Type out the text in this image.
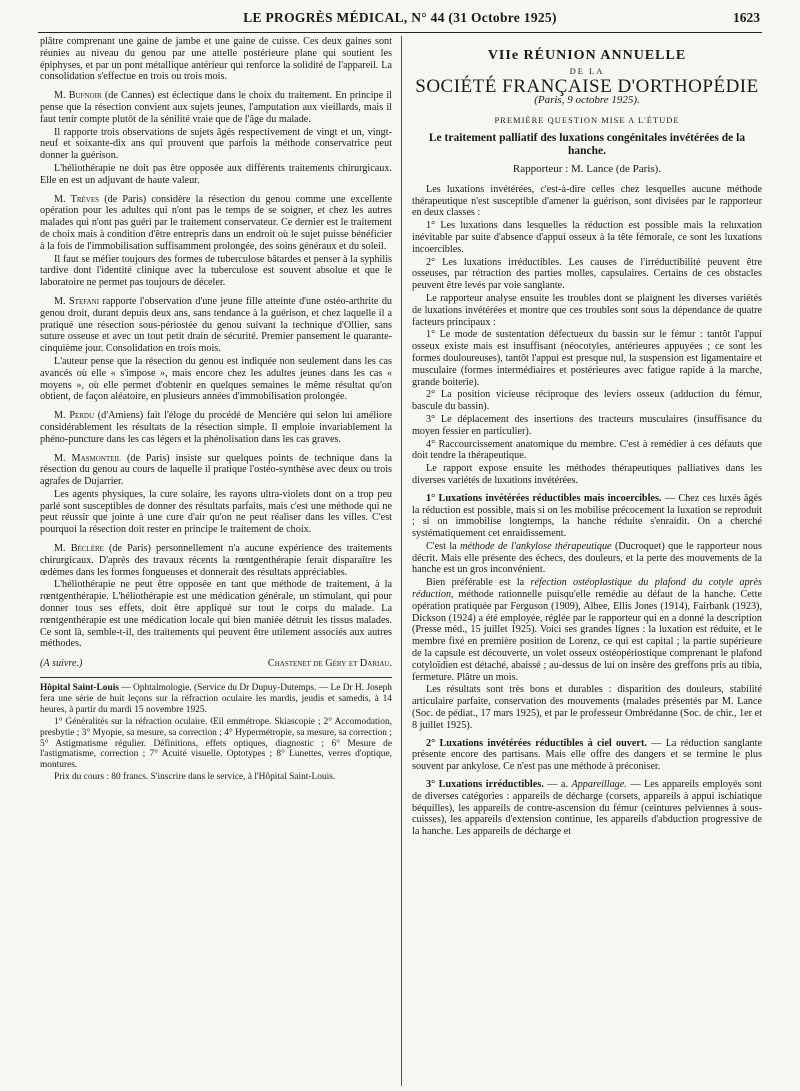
LE PROGRÈS MÉDICAL, N° 44 (31 Octobre 1925)	1623

plâtre comprenant une gaine de jambe et une gaine de cuisse. Ces deux gaines sont réunies au niveau du genou par une attelle postérieure plane qui soutient les épiphyses, et par un pont métallique antérieur qui renforce la solidité de l'appareil. La consolidation s'effectue en trois ou trois mois.

M. Bufnoir (de Cannes) est éclectique dans le choix du traitement. En principe il pense que la résection convient aux sujets jeunes, l'amputation aux vieillards, mais il faut tenir compte plutôt de la sénilité vraie que de l'âge du malade.

Il rapporte trois observations de sujets âgés respectivement de vingt et un, vingt-neuf et soixante-dix ans qui prouvent que parfois la méthode conservatrice peut donner la guérison.

L'héliothérapie ne doit pas être opposée aux différents traitements chirurgicaux. Elle en est un adjuvant de haute valeur.

M. Trèves (de Paris) considère la résection du genou comme une excellente opération pour les adultes qui n'ont pas le temps de se soigner, et chez les autres malades qui n'ont pas guéri par le traitement conservateur. Ce dernier est le traitement de choix mais à condition d'être entrepris dans un endroit où le sujet puisse bénéficier à la fois de l'immobilisation suffisamment prolongée, des soins généraux et du soleil.

Il faut se méfier toujours des formes de tuberculose bâtardes et penser à la syphilis tardive dont l'identité clinique avec la tuberculose est souvent absolue et que le laboratoire ne permet pas toujours de déceler.

M. Stefani rapporte l'observation d'une jeune fille atteinte d'une ostéo-arthrite du genou droit, durant depuis deux ans, sans tendance à la guérison, et chez laquelle il a pratiqué une résection sous-périostée du genou suivant la technique d'Ollier, sans suture osseuse et avec un tout petit drain de sécurité. Premier pansement le quarante-cinquième jour. Consolidation en trois mois.

L'auteur pense que la résection du genou est indiquée non seulement dans les cas avancés où elle « s'impose », mais encore chez les adultes jeunes dans les cas « moyens », où elle permet d'obtenir en quelques semaines le même résultat qu'on obtient, de façon aléatoire, en plusieurs années d'immobilisation prolongée.

M. Perdu (d'Amiens) fait l'éloge du procédé de Mencière qui selon lui améliore considérablement les résultats de la résection simple. Il emploie invariablement la phéno-puncture dans les cas légers et la phénolisation dans les cas graves.

M. Masmonteil (de Paris) insiste sur quelques points de technique dans la résection du genou au cours de laquelle il pratique l'ostéo-synthèse avec deux ou trois agrafes de Dujarrier.

Les agents physiques, la cure solaire, les rayons ultra-violets dont on a trop peu parlé sont susceptibles de donner des résultats parfaits, mais c'est une méthode qui ne peut réussir que jointe à une cure d'air qu'on ne peut réaliser dans les villes. C'est pourquoi la résection doit rester en principe le traitement de choix.

M. Béclère (de Paris) personnellement n'a aucune expérience des traitements chirurgicaux. D'après des travaux récents la rœntgenthérapie ferait disparaître les œdèmes dans les formes fongueuses et donnerait des résultats appréciables.

L'héliothérapie ne peut être opposée en tant que méthode de traitement, à la rœntgenthérapie. L'héliothérapie est une médication générale, un stimulant, qui pour donner tous ses effets, doit être appliqué sur tout le corps du malade. La rœntgenthérapie est une médication locale qui bien maniée détruit les tissus malades. Ce sont là, semble-t-il, des traitements qui peuvent être utilement associés aux autres méthodes.

(A suivre.)	Chastenet de Géry et Dariau.

Hôpital Saint-Louis — Ophtalmologie. (Service du Dr Dupuy-Dutemps. — Le Dr H. Joseph fera une série de huit leçons sur la réfraction oculaire les mardis, jeudis et samedis, à 14 heures, à partir du mardi 15 novembre 1925.

1° Généralités sur la réfraction oculaire. Œil emmétrope. Skiascopie ; 2° Accomodation, presbytie ; 3° Myopie, sa mesure, sa correction ; 4° Hypermétropie, sa mesure, sa correction ; 5° Astigmatisme régulier. Définitions, effets optiques, diagnostic ; 6° Mesure de l'astigmatisme, correction ; 7° Acuité visuelle. Optotypes ; 8° Lunettes, verres d'optique, montures.

Prix du cours : 80 francs. S'inscrire dans le service, à l'Hôpital Saint-Louis.

VIIe RÉUNION ANNUELLE
DE LA
SOCIÉTÉ FRANÇAISE D'ORTHOPÉDIE
(Paris, 9 octobre 1925).
PREMIÈRE QUESTION MISE A L'ÉTUDE
Le traitement palliatif des luxations congénitales invétérées de la hanche.
Rapporteur : M. Lance (de Paris).

Les luxations invétérées, c'est-à-dire celles chez lesquelles aucune méthode thérapeutique n'est susceptible d'amener la guérison, sont divisées par le rapporteur en deux classes :

1° Les luxations dans lesquelles la réduction est possible mais la reluxation inévitable par suite d'absence d'appui osseux à la tête fémorale, ce sont les luxations incoercibles.

2° Les luxations irréductibles. Les causes de l'irréductibilité peuvent être osseuses, par rétraction des parties molles, capsulaires. Certains de ces obstacles peuvent être levés par voie sanglante.

Le rapporteur analyse ensuite les troubles dont se plaignent les diverses variétés de luxations invétérées et montre que ces troubles sont sous la dépendance de quatre facteurs principaux :

1° Le mode de sustentation défectueux du bassin sur le fémur : tantôt l'appui osseux existe mais est insuffisant (néocotyles, antérieures appuyées ; ce sont les formes douloureuses), tantôt l'appui est presque nul, la suspension est ligamentaire et musculaire (formes intermédiaires et postérieures avec fatigue rapide à la marche, grande boiterie).

2° La position vicieuse réciproque des leviers osseux (adduction du fémur, bascule du bassin).

3° Le déplacement des insertions des tracteurs musculaires (insuffisance du moyen fessier en particulier).

4° Raccourcissement anatomique du membre. C'est à remédier à ces défauts que doit tendre la thérapeutique.

Le rapport expose ensuite les méthodes thérapeutiques palliatives dans les diverses variétés de luxations invétérées.

1° Luxations invétérées réductibles mais incoercibles. — Chez ces luxés âgés la réduction est possible, mais si on les mobilise précocement la luxation se reproduit ; si on immobilise longtemps, la hanche réduite s'enraidit. On a cherché systématiquement cet enraidissement.

C'est la méthode de l'ankylose thérapeutique (Ducroquet) que le rapporteur nous décrit. Mais elle présente des échecs, des douleurs, et la perte des mouvements de la hanche est un gros inconvénient.

Bien préférable est la réfection ostéoplastique du plafond du cotyle après réduction, méthode rationnelle puisqu'elle remédie au défaut de la hanche. Cette opération pratiquée par Ferguson (1909), Albee, Ellis Jones (1914), Fairbank (1923), Dickson (1924) a été employée, réglée par le rapporteur qui en a donné la description (Presse méd., 15 juillet 1925). Voici ses grandes lignes : la luxation est réduite, et le membre fixé en première position de Lorenz, ce qui est capital ; la partie supérieure de la capsule est découverte, un volet osseux ostéopériostique comprenant le plafond cotyloïdien est détaché, abaissé ; au-dessus de lui on insère des greffons pris au tibia, fermeture. Plâtre un mois.

Les résultats sont très bons et durables : disparition des douleurs, stabilité articulaire parfaite, conservation des mouvements (malades présentés par M. Lance (Soc. de pédiat., 17 mars 1925), et par le professeur Ombrédanne (Soc. de chir., 1er et 8 juillet 1925).

2° Luxations invétérées réductibles à ciel ouvert. — La réduction sanglante présente encore des partisans. Mais elle offre des dangers et se termine le plus souvent par ankylose. Ce n'est pas une méthode à préconiser.

3° Luxations irréductibles. — a. Appareillage. — Les appareils employés sont de diverses catégories : appareils de décharge (corsets, appareils à appui ischiatique béquilles), les appareils de contre-ascension du fémur (ceintures pelviennes à sous-cuisses), les appareils d'extension continue, les appareils d'abduction progressive de la hanche. Les appareils de décharge et
